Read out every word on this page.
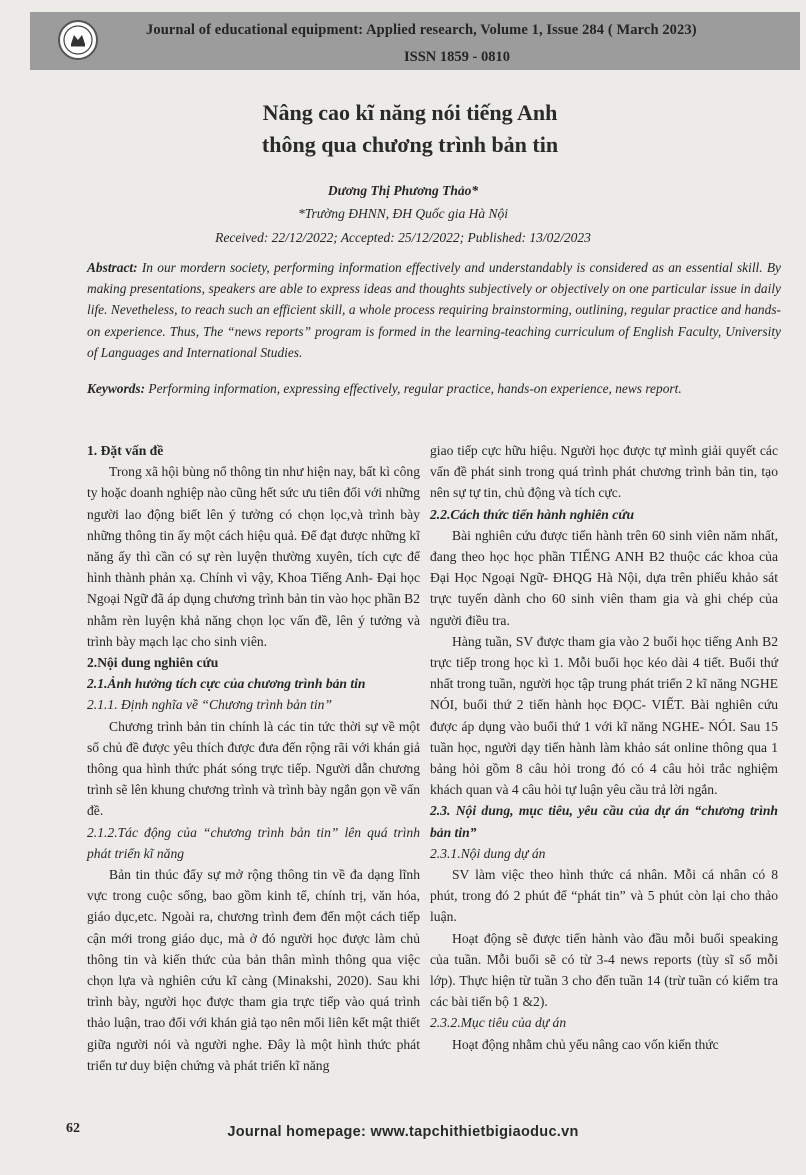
Journal of educational equipment: Applied research, Volume 1, Issue 284 ( March 2023)
ISSN 1859 - 0810
Nâng cao kĩ năng nói tiếng Anh
thông qua chương trình bản tin
Dương Thị Phương Thảo*
*Trường ĐHNN, ĐH Quốc gia Hà Nội
Received: 22/12/2022; Accepted: 25/12/2022; Published: 13/02/2023
Abstract: In our mordern society, performing information effectively and understandably is considered as an essential skill. By making presentations, speakers are able to express ideas and thoughts subjectively or objectively on one particular issue in daily life. Nevetheless, to reach such an efficient skill, a whole process requiring brainstorming, outlining, regular practice and hands-on experience. Thus, The “news reports” program is formed in the learning-teaching curriculum of English Faculty, University of Languages and International Studies.
Keywords: Performing information, expressing effectively, regular practice, hands-on experience, news report.

1. Đặt vấn đề

Trong xã hội bùng nổ thông tin như hiện nay, bất kì công ty hoặc doanh nghiệp nào cũng hết sức ưu tiên đối với những người lao động biết lên ý tưởng có chọn lọc,và trình bày những thông tin ấy một cách hiệu quả. Để đạt được những kĩ năng ấy thì cần có sự rèn luyện thường xuyên, tích cực để hình thành phản xạ. Chính vì vậy, Khoa Tiếng Anh- Đại học Ngoại Ngữ đã áp dụng chương trình bản tin vào học phần B2 nhằm rèn luyện khả năng chọn lọc vấn đề, lên ý tưởng và trình bày mạch lạc cho sinh viên.

2.Nội dung nghiên cứu

2.1.Ảnh hưởng tích cực của chương trình bản tin

2.1.1. Định nghĩa về “Chương trình bản tin”

Chương trình bản tin chính là các tin tức thời sự về một số chủ đề được yêu thích được đưa đến rộng rãi với khán giả thông qua hình thức phát sóng trực tiếp. Người dẫn chương trình sẽ lên khung chương trình và trình bày ngắn gọn về vấn đề.

2.1.2.Tác động của “chương trình bản tin” lên quá trình phát triển kĩ năng

Bản tin thúc đẩy sự mở rộng thông tin về đa dạng lĩnh vực trong cuộc sống, bao gồm kinh tế, chính trị, văn hóa, giáo dục,etc. Ngoài ra, chương trình đem đến một cách tiếp cận mới trong giáo dục, mà ở đó người học được làm chủ thông tin và kiến thức của bản thân mình thông qua việc chọn lựa và nghiên cứu kĩ càng (Minakshi, 2020). Sau khi trình bày, người học được tham gia trực tiếp vào quá trình thảo luận, trao đổi với khán giả tạo nên mối liên kết mật thiết giữa người nói và người nghe. Đây là một hình thức phát triển tư duy biện chứng và phát triển kĩ năng

giao tiếp cực hữu hiệu. Người học được tự mình giải quyết các vấn đề phát sinh trong quá trình phát chương trình bản tin, tạo nên sự tự tin, chủ động và tích cực.

2.2.Cách thức tiến hành nghiên cứu

Bài nghiên cứu được tiến hành trên 60 sinh viên năm nhất, đang theo học học phần TIẾNG ANH B2 thuộc các khoa của Đại Học Ngoại Ngữ- ĐHQG Hà Nội, dựa trên phiếu khảo sát trực tuyến dành cho 60 sinh viên tham gia và ghi chép của người điều tra.

Hàng tuần, SV được tham gia vào 2 buổi học tiếng Anh B2 trực tiếp trong học kì 1. Mỗi buổi học kéo dài 4 tiết. Buổi thứ nhất trong tuần, người học tập trung phát triển 2 kĩ năng NGHE NÓI, buổi thứ 2 tiến hành học ĐỌC- VIẾT. Bài nghiên cứu được áp dụng vào buổi thứ 1 với kĩ năng NGHE- NÓI. Sau 15 tuần học, người dạy tiến hành làm khảo sát online thông qua 1 bảng hỏi gồm 8 câu hỏi trong đó có 4 câu hỏi trắc nghiệm khách quan và 4 câu hỏi tự luận yêu cầu trả lời ngắn.

2.3. Nội dung, mục tiêu, yêu cầu của dự án “chương trình bản tin”

2.3.1.Nội dung dự án

SV làm việc theo hình thức cá nhân. Mỗi cá nhân có 8 phút, trong đó 2 phút để “phát tin” và 5 phút còn lại cho thảo luận.

Hoạt động sẽ được tiến hành vào đầu mỗi buổi speaking của tuần. Mỗi buổi sẽ có từ 3-4 news reports (tùy sĩ số mỗi lớp). Thực hiện từ tuần 3 cho đến tuần 14 (trừ tuần có kiểm tra các bài tiến bộ 1 &2).

2.3.2.Mục tiêu của dự án

Hoạt động nhằm chủ yếu nâng cao vốn kiến thức

62	Journal homepage: www.tapchithietbigiaoduc.vn
